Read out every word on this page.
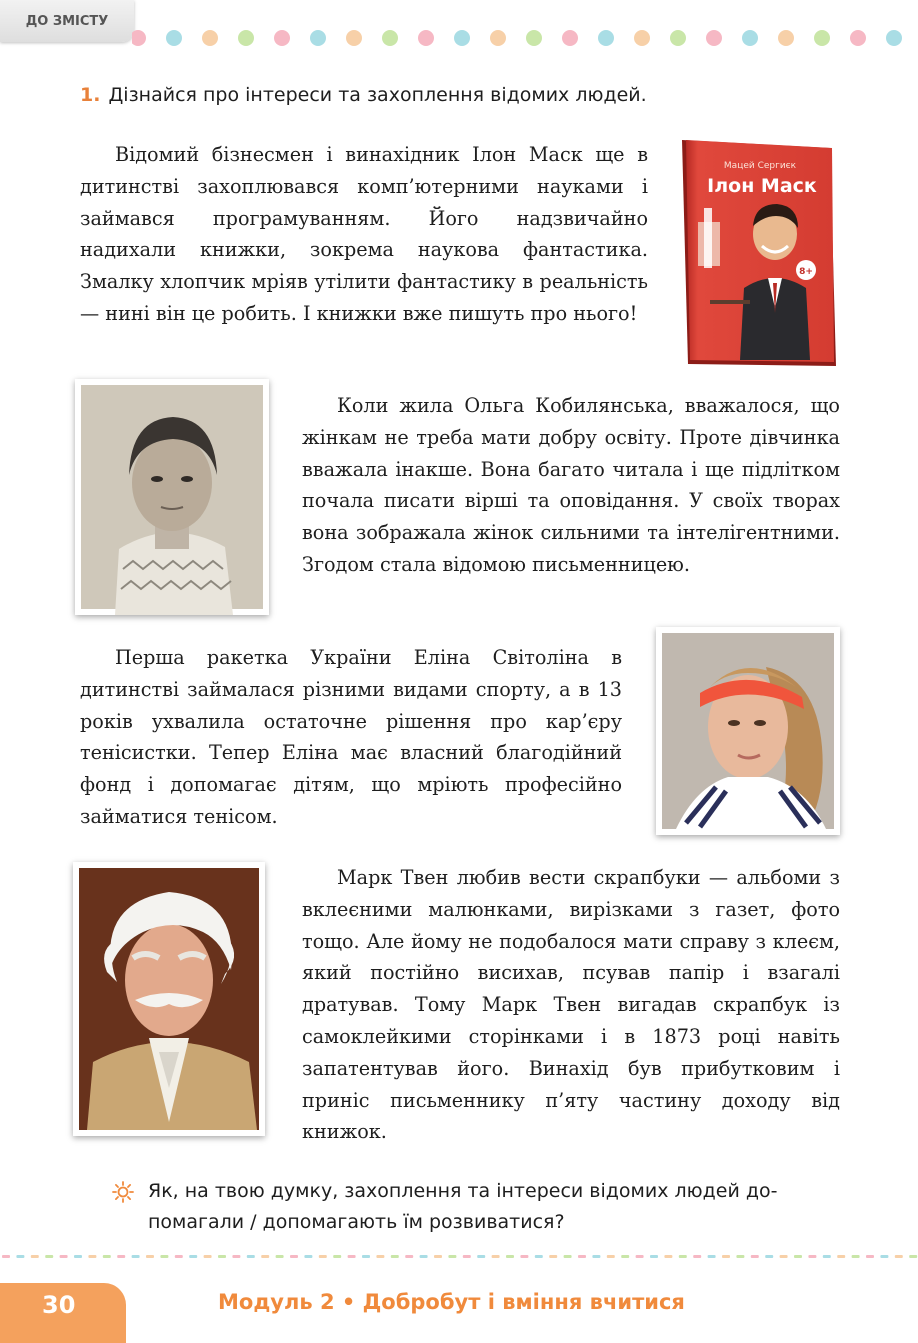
ДО ЗМІСТУ
1. Дізнайся про інтереси та захоплення відомих людей.

Відомий бізнесмен і винахідник Ілон Маск ще в дитинстві захоплювався комп’ютерними науками і займався програмуванням. Його надзвичайно надихали книжки, зокрема наукова фантастика. Змалку хлопчик мріяв утілити фантастику в реальність — нині він це робить. І книжки вже пишуть про нього!

Мацей Сергиєк
Ілон Маск
8+

Коли жила Ольга Кобилянська, вважалося, що жінкам не треба мати добру освіту. Проте дівчинка вважала інакше. Вона багато читала і ще підлітком почала писати вірші та оповідання. У своїх творах вона зображала жінок сильними та інтелігентними. Згодом стала відомою письменницею.

Перша ракетка України Еліна Світоліна в дитинстві займалася різними видами спорту, а в 13 років ухвалила остаточне рішення про кар’єру тенісистки. Тепер Еліна має власний благодійний фонд і допомагає дітям, що мріють професійно займатися тенісом.

Марк Твен любив вести скрапбуки — альбоми з вклеєними малюнками, вирізками з газет, фото тощо. Але йому не подобалося мати справу з клеєм, який постійно висихав, псував папір і взагалі дратував. Тому Марк Твен вигадав скрапбук із самоклейкими сторінками і в 1873 році навіть запатентував його. Винахід був прибутковим і приніс письменнику п’яту частину доходу від книжок.

Як, на твою думку, захоплення та інтереси відомих людей допомагали / допомагають їм розвиватися?

30	Модуль 2 • Добробут і вміння вчитися
